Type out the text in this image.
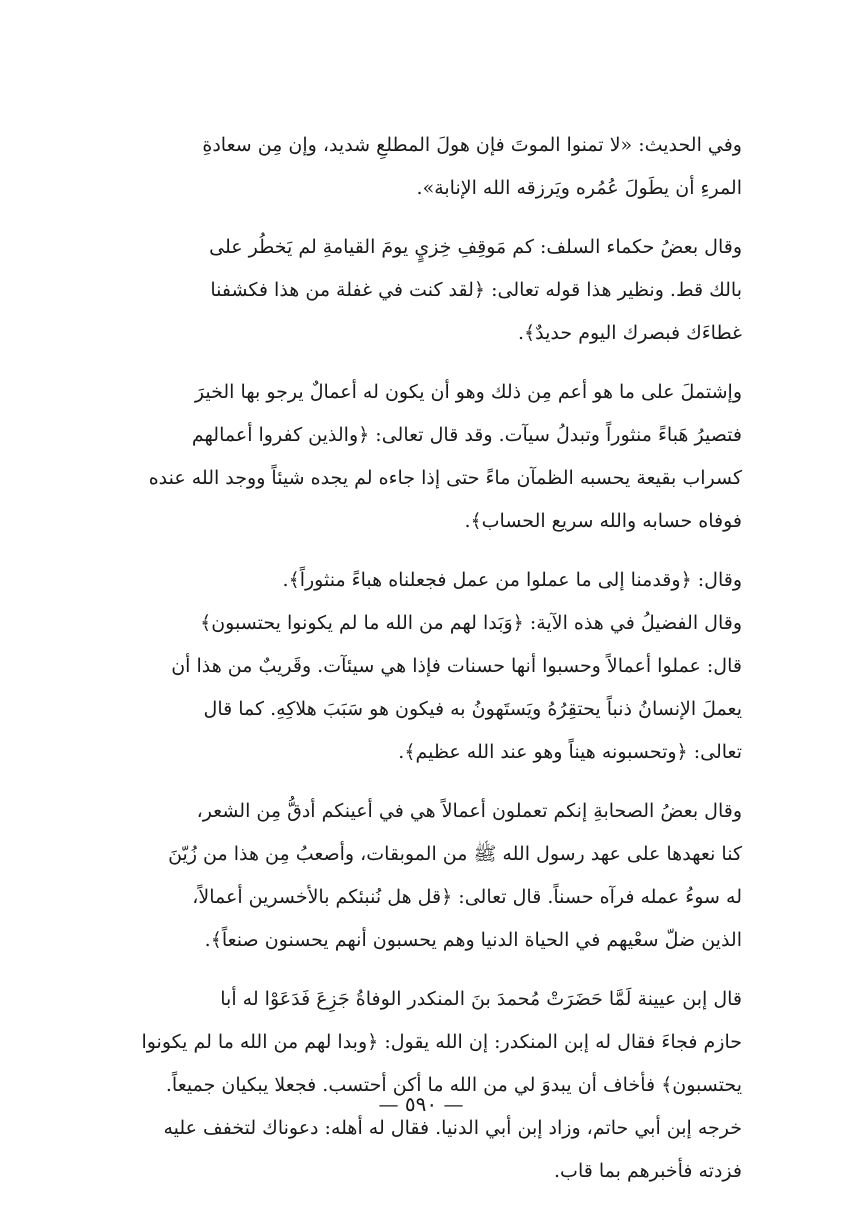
وفي الحديث: «لا تمنوا الموتَ فإن هولَ المطلعِ شديد، وإن مِن سعادةِ
المرءِ أن يطَولَ عُمُره ويَرزقه الله الإنابة».

وقال بعضُ حكماء السلف: كم مَوقِفِ خِزيٍ يومَ القيامةِ لم يَخطُر على
بالك قط. ونظير هذا قوله تعالى: ﴿لقد كنت في غفلة من هذا فكشفنا
غطاءَك فبصرك اليوم حديدٌ﴾.

وإشتملَ على ما هو أعم مِن ذلك وهو أن يكون له أعمالٌ يرجو بها الخيرَ
فتصيرُ هَباءً منثوراً وتبدلُ سيآت. وقد قال تعالى: ﴿والذين كفروا أعمالهم
كسراب بقيعة يحسبه الظمآن ماءً حتى إذا جاءه لم يجده شيئاً ووجد الله عنده
فوفاه حسابه والله سريع الحساب﴾.

وقال: ﴿وقدمنا إلى ما عملوا من عمل فجعلناه هباءً منثوراً﴾.

وقال الفضيلُ في هذه الآية: ﴿وَبَدا لهم من الله ما لم يكونوا يحتسبون﴾
قال: عملوا أعمالاً وحسبوا أنها حسنات فإذا هي سيئآت. وقَريبٌ من هذا أن
يعملَ الإنسانُ ذنباً يحتقِرُهُ ويَستَهونُ به فيكون هو سَبَبَ هلاكِهِ. كما قال
تعالى: ﴿وتحسبونه هيناً وهو عند الله عظيم﴾.

وقال بعضُ الصحابةِ إنكم تعملون أعمالاً هي في أعينكم أدقُّ مِن الشعر،
كنا نعهدها على عهد رسول الله ﷺ من الموبقات، وأصعبُ مِن هذا من زُيّنَ
له سوءُ عمله فرآه حسناً. قال تعالى: ﴿قل هل نُنبئكم بالأخسرين أعمالاً،
الذين ضلّ سعْيهم في الحياة الدنيا وهم يحسبون أنهم يحسنون صنعاً﴾.

قال إبن عيينة لَمَّا حَضَرَتْ مُحمدَ بنَ المنكدر الوفاةُ جَزِعَ فَدَعَوْا له أبا
حازم فجاءَ فقال له إبن المنكدر: إن الله يقول: ﴿وبدا لهم من الله ما لم يكونوا
يحتسبون﴾ فأخاف أن يبدوَ لي من الله ما أكن أحتسب. فجعلا يبكيان جميعاً.
خرجه إبن أبي حاتم، وزاد إبن أبي الدنيا. فقال له أهله: دعوناك لتخفف عليه
فزدته فأخبرهم بما قاب.

— ٥٩٠ —
